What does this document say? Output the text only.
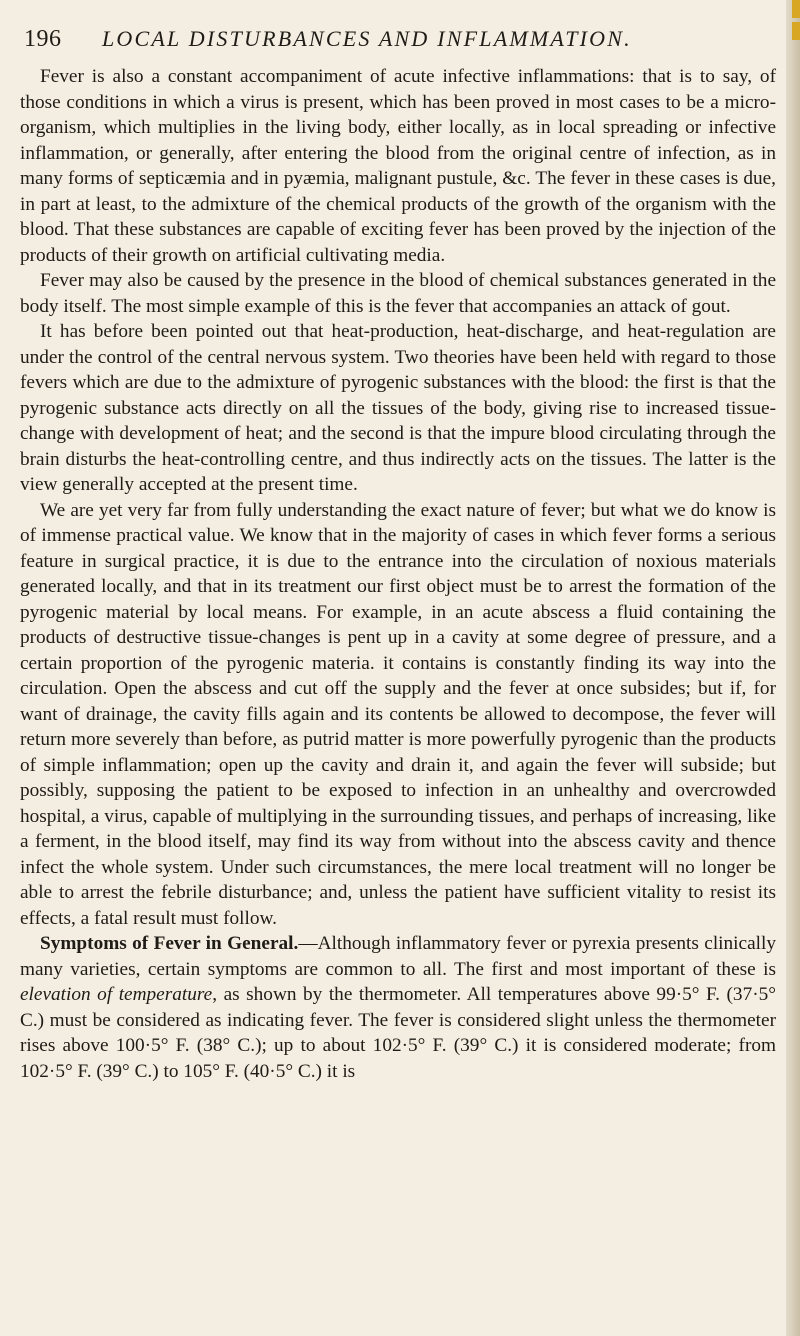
196	LOCAL DISTURBANCES AND INFLAMMATION.

Fever is also a constant accompaniment of acute infective inflammations: that is to say, of those conditions in which a virus is present, which has been proved in most cases to be a micro-organism, which multiplies in the living body, either locally, as in local spreading or infective inflammation, or generally, after entering the blood from the original centre of infection, as in many forms of septicæmia and in pyæmia, malignant pustule, &c. The fever in these cases is due, in part at least, to the admixture of the chemical products of the growth of the organism with the blood. That these substances are capable of exciting fever has been proved by the injection of the products of their growth on artificial cultivating media.

Fever may also be caused by the presence in the blood of chemical substances generated in the body itself. The most simple example of this is the fever that accompanies an attack of gout.

It has before been pointed out that heat-production, heat-discharge, and heat-regulation are under the control of the central nervous system. Two theories have been held with regard to those fevers which are due to the admixture of pyrogenic substances with the blood: the first is that the pyrogenic substance acts directly on all the tissues of the body, giving rise to increased tissue-change with development of heat; and the second is that the impure blood circulating through the brain disturbs the heat-controlling centre, and thus indirectly acts on the tissues. The latter is the view generally accepted at the present time.

We are yet very far from fully understanding the exact nature of fever; but what we do know is of immense practical value. We know that in the majority of cases in which fever forms a serious feature in surgical practice, it is due to the entrance into the circulation of noxious materials generated locally, and that in its treatment our first object must be to arrest the formation of the pyrogenic material by local means. For example, in an acute abscess a fluid containing the products of destructive tissue-changes is pent up in a cavity at some degree of pressure, and a certain proportion of the pyrogenic materia. it contains is constantly finding its way into the circulation. Open the abscess and cut off the supply and the fever at once subsides; but if, for want of drainage, the cavity fills again and its contents be allowed to decompose, the fever will return more severely than before, as putrid matter is more powerfully pyrogenic than the products of simple inflammation; open up the cavity and drain it, and again the fever will subside; but possibly, supposing the patient to be exposed to infection in an unhealthy and overcrowded hospital, a virus, capable of multiplying in the surrounding tissues, and perhaps of increasing, like a ferment, in the blood itself, may find its way from without into the abscess cavity and thence infect the whole system. Under such circumstances, the mere local treatment will no longer be able to arrest the febrile disturbance; and, unless the patient have sufficient vitality to resist its effects, a fatal result must follow.

Symptoms of Fever in General.—Although inflammatory fever or pyrexia presents clinically many varieties, certain symptoms are common to all. The first and most important of these is elevation of temperature, as shown by the thermometer. All temperatures above 99·5° F. (37·5° C.) must be considered as indicating fever. The fever is considered slight unless the thermometer rises above 100·5° F. (38° C.); up to about 102·5° F. (39° C.) it is considered moderate; from 102·5° F. (39° C.) to 105° F. (40·5° C.) it is
